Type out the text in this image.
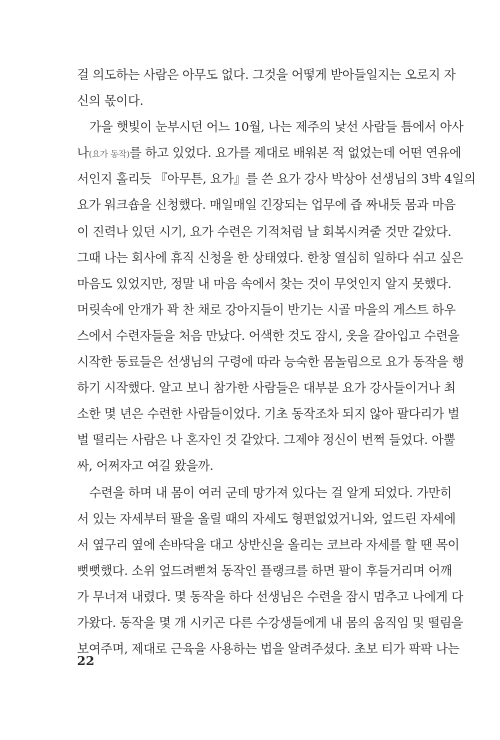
걸 의도하는 사람은 아무도 없다. 그것을 어떻게 받아들일지는 오로지 자
신의 몫이다.
　가을 햇빛이 눈부시던 어느 10월, 나는 제주의 낯선 사람들 틈에서 아사
나(요가 동작)를 하고 있었다. 요가를 제대로 배워본 적 없었는데 어떤 연유에
서인지 홀리듯 『아무튼, 요가』를 쓴 요가 강사 박상아 선생님의 3박 4일의
요가 워크숍을 신청했다. 매일매일 긴장되는 업무에 즙 짜내듯 몸과 마음
이 진력나 있던 시기, 요가 수련은 기적처럼 날 회복시켜줄 것만 같았다.
그때 나는 회사에 휴직 신청을 한 상태였다. 한창 열심히 일하다 쉬고 싶은
마음도 있었지만, 정말 내 마음 속에서 찾는 것이 무엇인지 알지 못했다.
머릿속에 안개가 꽉 찬 채로 강아지들이 반기는 시골 마을의 게스트 하우
스에서 수련자들을 처음 만났다. 어색한 것도 잠시, 옷을 갈아입고 수련을
시작한 동료들은 선생님의 구령에 따라 능숙한 몸놀림으로 요가 동작을 행
하기 시작했다. 알고 보니 참가한 사람들은 대부분 요가 강사들이거나 최
소한 몇 년은 수련한 사람들이었다. 기초 동작조차 되지 않아 팔다리가 벌
벌 떨리는 사람은 나 혼자인 것 같았다. 그제야 정신이 번쩍 들었다. 아뿔
싸, 어쩌자고 여길 왔을까.
　수련을 하며 내 몸이 여러 군데 망가져 있다는 걸 알게 되었다. 가만히
서 있는 자세부터 팔을 올릴 때의 자세도 형편없었거니와, 엎드린 자세에
서 옆구리 옆에 손바닥을 대고 상반신을 올리는 코브라 자세를 할 땐 목이
뻣뻣했다. 소위 엎드려뻗쳐 동작인 플랭크를 하면 팔이 후들거리며 어깨
가 무너져 내렸다. 몇 동작을 하다 선생님은 수련을 잠시 멈추고 나에게 다
가왔다. 동작을 몇 개 시키곤 다른 수강생들에게 내 몸의 움직임 및 떨림을
보여주며, 제대로 근육을 사용하는 법을 알려주셨다. 초보 티가 팍팍 나는
22
